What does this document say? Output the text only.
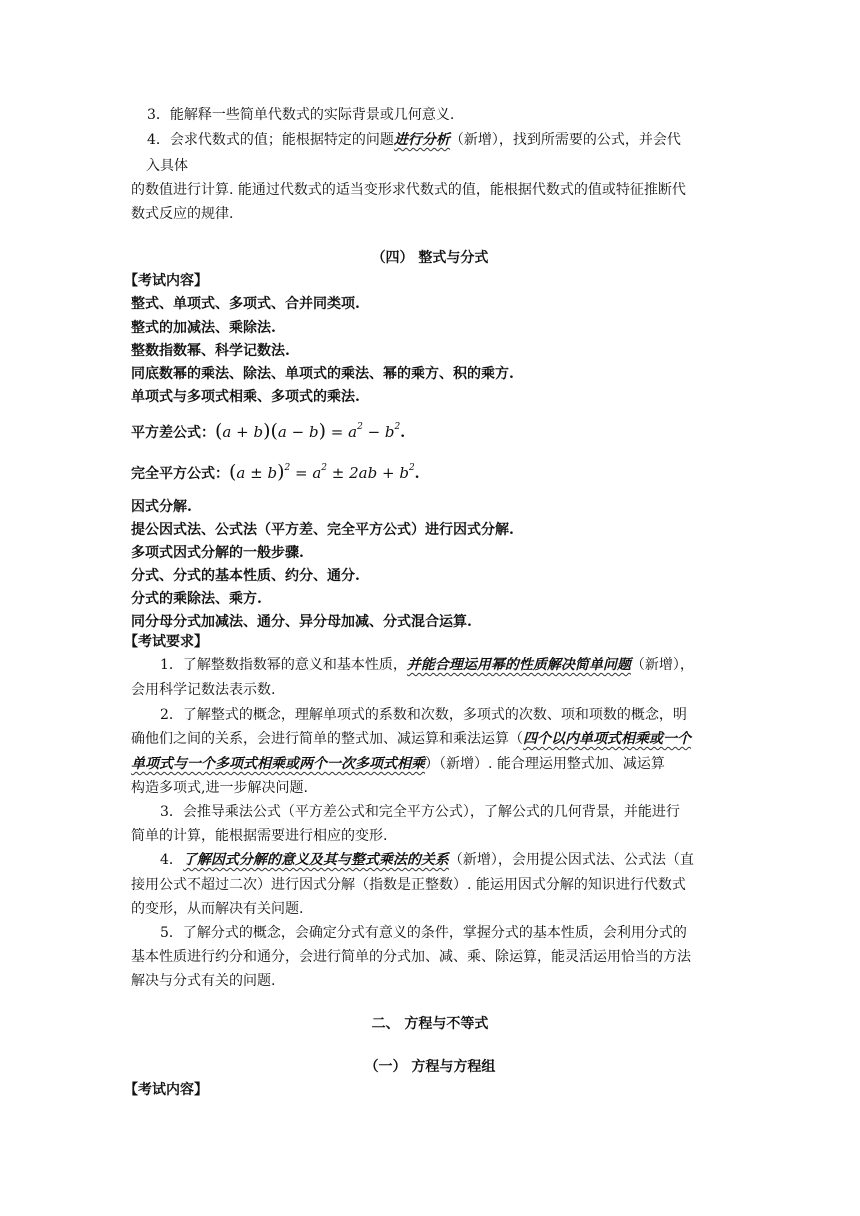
3．能解释一些简单代数式的实际背景或几何意义.
4．会求代数式的值；能根据特定的问题进行分析（新增），找到所需要的公式，并会代
入具体
的数值进行计算. 能通过代数式的适当变形求代数式的值，能根据代数式的值或特征推断代
数式反应的规律.
（四） 整式与分式
【考试内容】
整式、单项式、多项式、合并同类项.
整式的加减法、乘除法.
整数指数幂、科学记数法.
同底数幂的乘法、除法、单项式的乘法、幂的乘方、积的乘方.
单项式与多项式相乘、多项式的乘法.
平方差公式：$(a + b)(a - b) = a^2 - b^2$.
完全平方公式：$(a \pm b)^2 = a^2 \pm 2ab + b^2$.
因式分解.
提公因式法、公式法（平方差、完全平方公式）进行因式分解.
多项式因式分解的一般步骤.
分式、分式的基本性质、约分、通分.
分式的乘除法、乘方.
同分母分式加减法、通分、异分母加减、分式混合运算.
【考试要求】
1．了解整数指数幂的意义和基本性质，并能合理运用幂的性质解决简单问题（新增），
会用科学记数法表示数.
2．了解整式的概念，理解单项式的系数和次数，多项式的次数、项和项数的概念，明
确他们之间的关系，会进行简单的整式加、减运算和乘法运算（四个以内单项式相乘或一个
单项式与一个多项式相乘或两个一次多项式相乘）（新增）. 能合理运用整式加、减运算
构造多项式,进一步解决问题.
3．会推导乘法公式（平方差公式和完全平方公式），了解公式的几何背景，并能进行
简单的计算，能根据需要进行相应的变形.
4．了解因式分解的意义及其与整式乘法的关系（新增），会用提公因式法、公式法（直
接用公式不超过二次）进行因式分解（指数是正整数）. 能运用因式分解的知识进行代数式
的变形，从而解决有关问题.
5．了解分式的概念，会确定分式有意义的条件，掌握分式的基本性质，会利用分式的
基本性质进行约分和通分，会进行简单的分式加、减、乘、除运算，能灵活运用恰当的方法
解决与分式有关的问题.
二、 方程与不等式
（一） 方程与方程组
【考试内容】
